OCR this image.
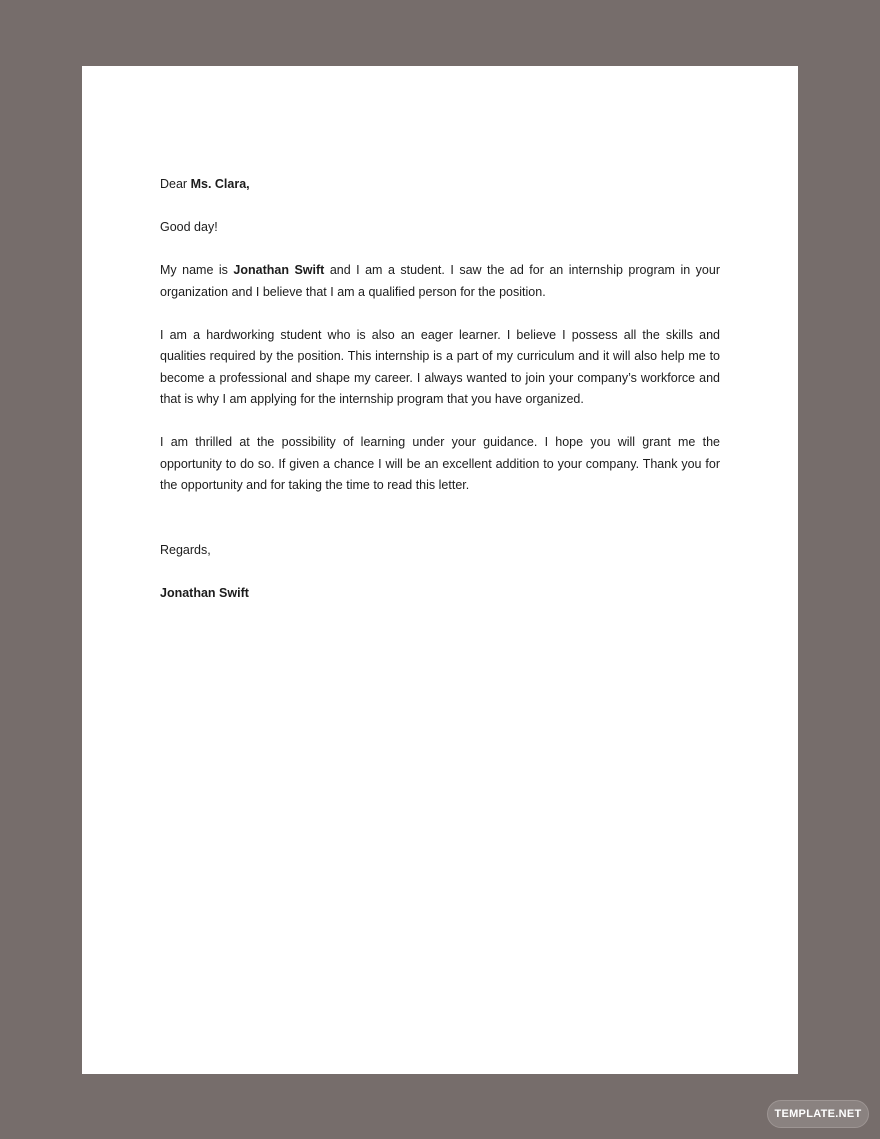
Dear Ms. Clara,

Good day!

My name is Jonathan Swift and I am a student. I saw the ad for an internship program in your organization and I believe that I am a qualified person for the position.

I am a hardworking student who is also an eager learner. I believe I possess all the skills and qualities required by the position. This internship is a part of my curriculum and it will also help me to become a professional and shape my career. I always wanted to join your company’s workforce and that is why I am applying for the internship program that you have organized.

I am thrilled at the possibility of learning under your guidance. I hope you will grant me the opportunity to do so. If given a chance I will be an excellent addition to your company. Thank you for the opportunity and for taking the time to read this letter.

Regards,

Jonathan Swift

TEMPLATE.NET
